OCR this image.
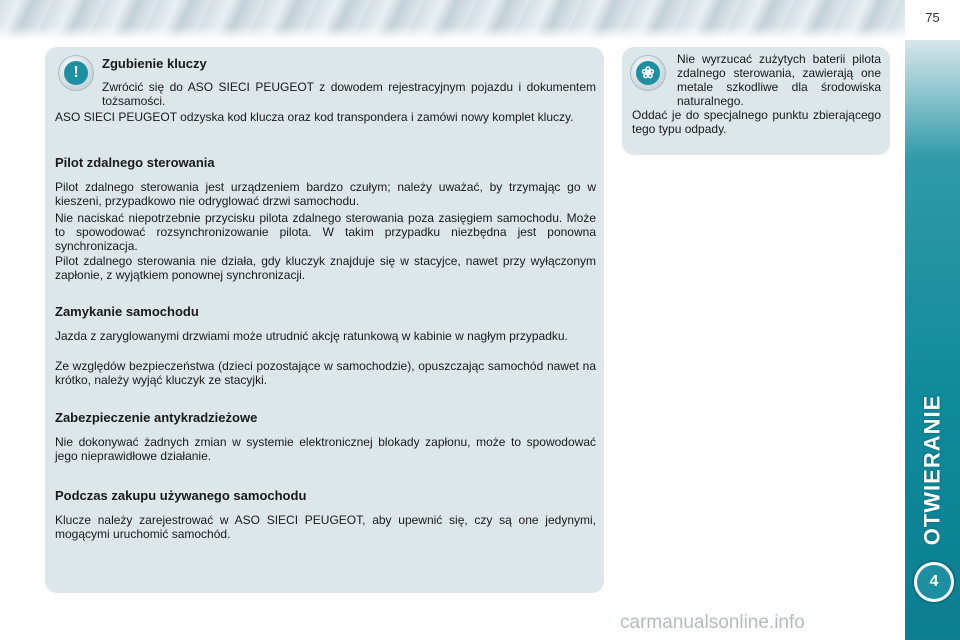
75
OTWIERANIE
4
!

Zgubienie kluczy

Zwrócić się do ASO SIECI PEUGEOT z dowodem rejestracyjnym pojazdu i dokumentem tożsamości.

ASO SIECI PEUGEOT odzyska kod klucza oraz kod transpondera i zamówi nowy komplet kluczy.

Pilot zdalnego sterowania

Pilot zdalnego sterowania jest urządzeniem bardzo czułym; należy uważać, by trzymając go w kieszeni, przypadkowo nie odryglować drzwi samochodu.

Nie naciskać niepotrzebnie przycisku pilota zdalnego sterowania poza zasięgiem samochodu. Może to spowodować rozsynchronizowanie pilota. W takim przypadku niezbędna jest ponowna synchronizacja.

Pilot zdalnego sterowania nie działa, gdy kluczyk znajduje się w stacyjce, nawet przy wyłączonym zapłonie, z wyjątkiem ponownej synchronizacji.

Zamykanie samochodu

Jazda z zaryglowanymi drzwiami może utrudnić akcję ratunkową w kabinie w nagłym przypadku.

Ze względów bezpieczeństwa (dzieci pozostające w samochodzie), opuszczając samochód nawet na krótko, należy wyjąć kluczyk ze stacyjki.

Zabezpieczenie antykradzieżowe

Nie dokonywać żadnych zmian w systemie elektronicznej blokady zapłonu, może to spowodować jego nieprawidłowe działanie.

Podczas zakupu używanego samochodu

Klucze należy zarejestrować w ASO SIECI PEUGEOT, aby upewnić się, czy są one jedynymi, mogącymi uruchomić samochód.

❀

Nie wyrzucać zużytych baterii pilota zdalnego sterowania, zawierają one metale szkodliwe dla środowiska naturalnego.

Oddać je do specjalnego punktu zbierającego tego typu odpady.

carmanualsonline.info
